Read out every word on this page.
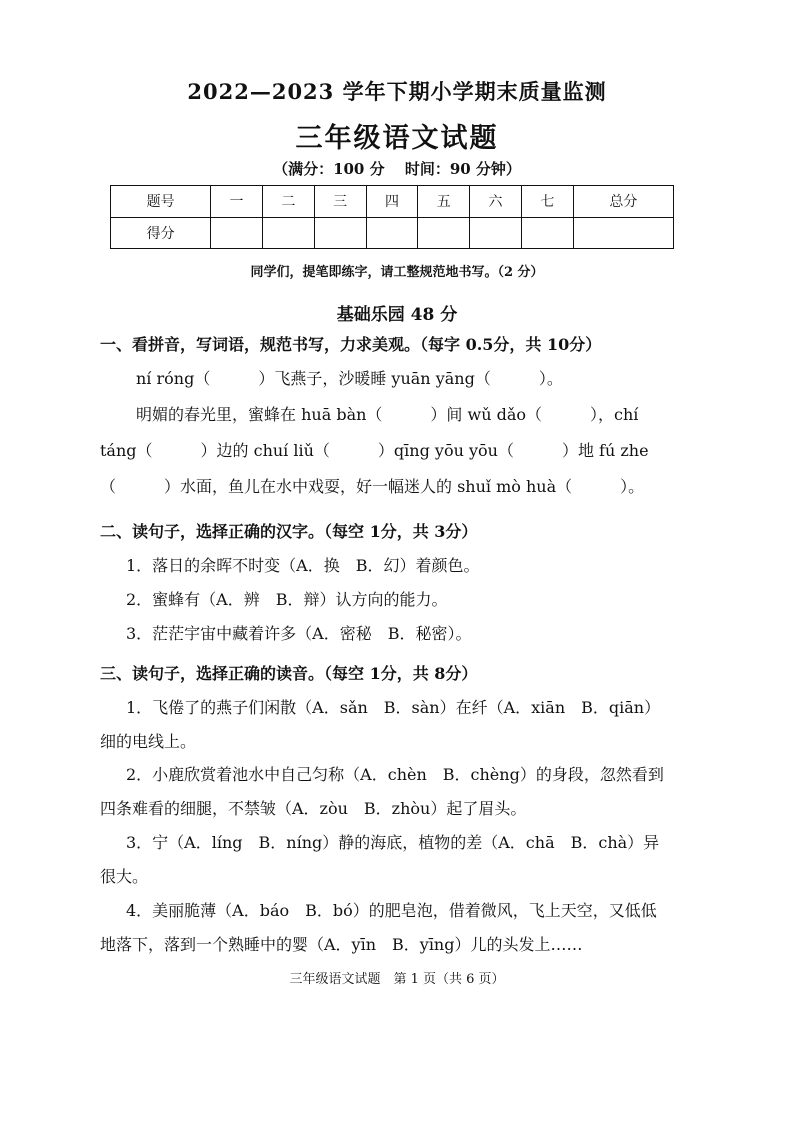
2022—2023 学年下期小学期末质量监测
三年级语文试题
（满分：100 分　 时间：90 分钟）
题号	一	二	三	四	五	六	七	总分
得分								
同学们，提笔即练字，请工整规范地书写。（2 分）
基础乐园 48 分
一、看拼音，写词语，规范书写，力求美观。（每字 0.5分，共 10分）
ní róng（　　　）飞燕子，沙暖睡 yuān yāng（　　　）。
明媚的春光里，蜜蜂在 huā bàn（　　　）间 wǔ dǎo（　　　），chí
táng（　　　）边的 chuí liǔ（　　　）qīng yōu yōu（　　　）地 fú zhe
（　　　）水面，鱼儿在水中戏耍，好一幅迷人的 shuǐ mò huà（　　　）。
二、读句子，选择正确的汉字。（每空 1分，共 3分）
1．落日的余晖不时变（A．换　B．幻）着颜色。
2．蜜蜂有（A．辨　B．辩）认方向的能力。
3．茫茫宇宙中藏着许多（A．密秘　B．秘密）。
三、读句子，选择正确的读音。（每空 1分，共 8分）
1．飞倦了的燕子们闲散（A．sǎn　B．sàn）在纤（A．xiān　B．qiān）
细的电线上。
2．小鹿欣赏着池水中自己匀称（A．chèn　B．chèng）的身段，忽然看到
四条难看的细腿，不禁皱（A．zòu　B．zhòu）起了眉头。
3．宁（A．líng　B．níng）静的海底，植物的差（A．chā　B．chà）异
很大。
4．美丽脆薄（A．báo　B．bó）的肥皂泡，借着微风，飞上天空，又低低
地落下，落到一个熟睡中的婴（A．yīn　B．yīng）儿的头发上……
三年级语文试题　第 1 页（共 6 页）
